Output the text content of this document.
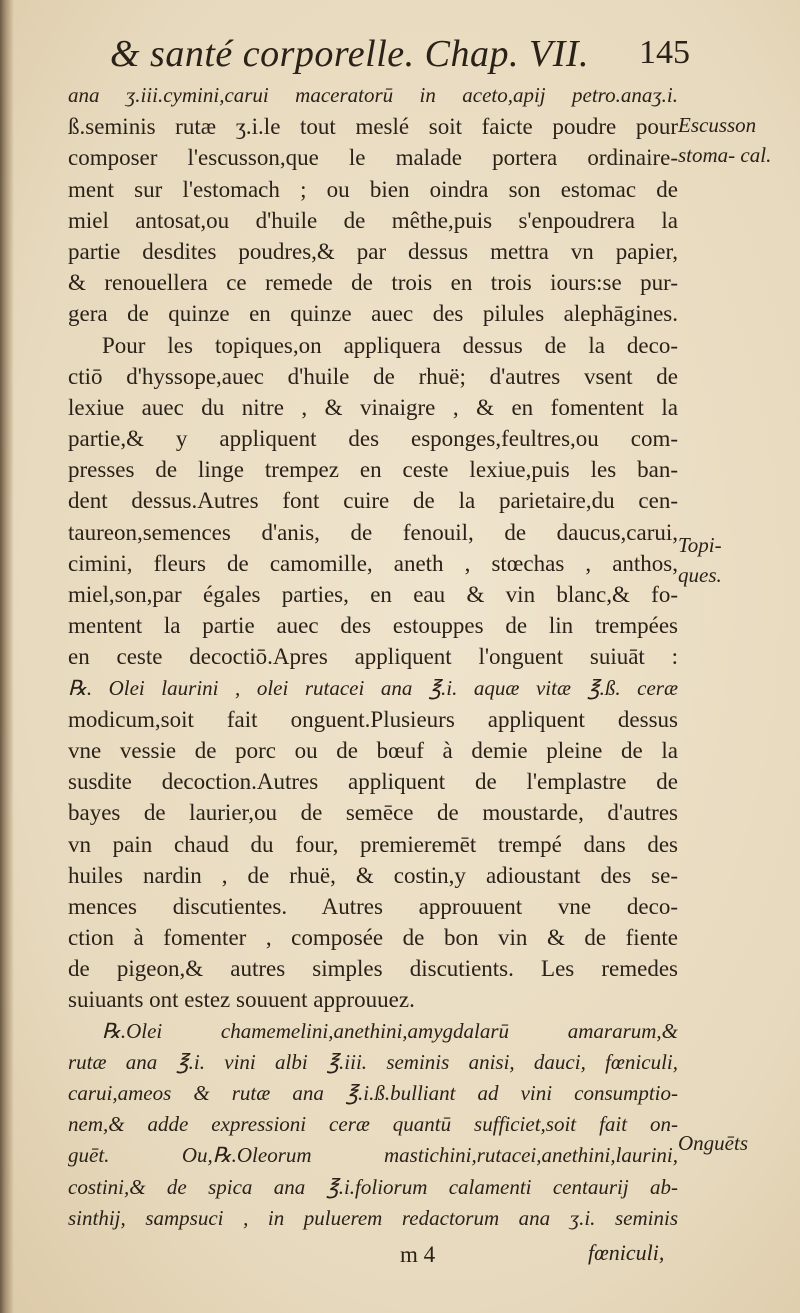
& santé corporelle. Chap. VII. 145
ana ʒ.iii.cymini,carui maceratorū in aceto,apij petro.anaʒ.i.
ß.seminis rutæ ʒ.i.le tout meslé soit faicte poudre pour
composer l'escusson,que le malade portera ordinaire-
ment sur l'estomach ; ou bien oindra son estomac de
miel antosat,ou d'huile de mêthe,puis s'enpoudrera la
partie desdites poudres,& par dessus mettra vn papier,
& renouellera ce remede de trois en trois iours:se pur-
gera de quinze en quinze auec des pilules alephāgines.
Pour les topiques,on appliquera dessus de la deco-
ctiō d'hyssope,auec d'huile de rhuë; d'autres vsent de
lexiue auec du nitre , & vinaigre , & en fomentent la
partie,& y appliquent des esponges,feultres,ou com-
presses de linge trempez en ceste lexiue,puis les ban-
dent dessus.Autres font cuire de la parietaire,du cen-
taureon,semences d'anis, de fenouil, de daucus,carui,
cimini, fleurs de camomille, aneth , stœchas , anthos,
miel,son,par égales parties, en eau & vin blanc,& fo-
mentent la partie auec des estouppes de lin trempées
en ceste decoctiō.Apres appliquent l'onguent suiuāt :
℞. Olei laurini , olei rutacei ana ℥.i. aquæ vitæ ℥.ß. ceræ
modicum,soit fait onguent.Plusieurs appliquent dessus
vne vessie de porc ou de bœuf à demie pleine de la
susdite decoction.Autres appliquent de l'emplastre de
bayes de laurier,ou de semēce de moustarde, d'autres
vn pain chaud du four, premieremēt trempé dans des
huiles nardin , de rhuë, & costin,y adioustant des se-
mences discutientes. Autres approuuent vne deco-
ction à fomenter , composée de bon vin & de fiente
de pigeon,& autres simples discutients. Les remedes
suiuants ont estez souuent approuuez.
℞.Olei chamemelini,anethini,amygdalarū amararum,&
rutæ ana ℥.i. vini albi ℥.iii. seminis anisi, dauci, fœniculi,
carui,ameos & rutæ ana ℥.i.ß.bulliant ad vini consumptio-
nem,& adde expressioni ceræ quantū sufficiet,soit fait on-
guēt. Ou,℞.Oleorum mastichini,rutacei,anethini,laurini,
costini,& de spica ana ℥.i.foliorum calamenti centaurij ab-
sinthij, sampsuci , in puluerem redactorum ana ʒ.i. seminis
Escusson stoma- cal.
Topi- ques.
Onguēts
m 4	fœniculi,
